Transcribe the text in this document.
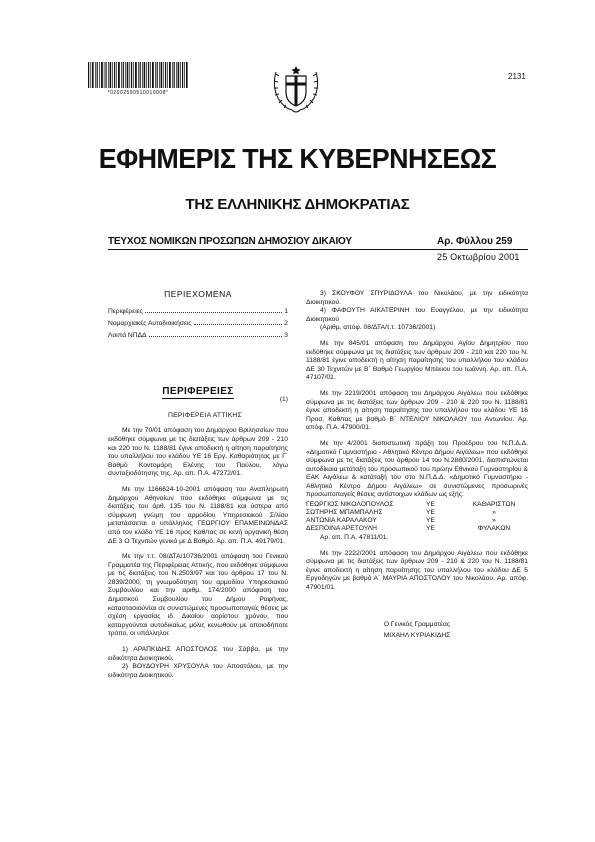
*02002590510010008*
2131
ΕΦΗΜΕΡΙΣ ΤΗΣ ΚΥΒΕΡΝΗΣΕΩΣ
ΤΗΣ ΕΛΛΗΝΙΚΗΣ ΔΗΜΟΚΡΑΤΙΑΣ
ΤΕΥΧΟΣ ΝΟΜΙΚΩΝ ΠΡΟΣΩΠΩΝ ΔΗΜΟΣΙΟΥ ΔΙΚΑΙΟΥ	Αρ. Φύλλου 259
25 Οκτωβρίου 2001
ΠΕΡΙΕΧΟΜΕΝΑ
Περιφέρειες	1
Νομαρχιακές Αυτοδιοικήσεις	2
Λοιπά ΝΠΔΔ	3
ΠΕΡΙΦΕΡΕΙΕΣ

(1)

ΠΕΡΙΦΕΡΕΙΑ ΑΤΤΙΚΗΣ

Με την 70/01 απόφαση του Δημάρχου Βριλησσίων που εκδόθηκε σύμφωνα με τις διατάξεις των άρθρων 209 - 210 και 220 του Ν. 1188/81 έγινε αποδεκτή η αίτηση παραίτησης του υπαλλήλου του κλάδου ΥΕ 16 Εργ. Καθαριότητας με Γ΄ Βαθμό Κοντομάρη Ελένης του Παύλου, λόγω συνταξιοδότησης της. Αρ. απ. Π.Α. 47272/01.

Με την 1166624-10-2001 απόφαση του Αναπληρωτή Δημάρχου Αθηναίων που εκδόθηκε σύμφωνα με τις διατάξεις του άρθ. 135 του Ν. 1188/81 και ύστερα από σύμφωνη γνώμη του αρμοδίου Υπηρεσιακού Σ/λίου μετατάσσεται ο υπάλληλος ΓΕΩΡΓΙΟΥ ΕΠΑΜΕΙΝΩΝΔΑΣ από τον κλάδο ΥΕ 16 προς Καθ/τας σε κενή οργανική θέση ΔΕ 3 Ο Τεχνιτών γενικά με Δ Βαθμό. Αρ. απ. Π.Α. 49179/01.

Με την τ.τ. 08/ΔΤΑ/10736/2001 απόφαση του Γενικού Γραμματέα της Περιφέρειας Αττικής, που εκδόθηκε σύμφωνα με τις διατάξεις του Ν.2503/97 και του άρθρου 17 του Ν. 2839/2000, τη γνωμοδότηση του αρμοδίου Υπηρεσιακού Συμβουλίου και την αριθμ. 174/2000 απόφαση του Δημοτικού Συμβουλίου του Δήμου Ραφήνας, καταστασιούνται σε συνιστώμενες προσωποπαγείς θέσεις με σχέση εργασίας ιδ. Δικαίου αορίστου χρόνου, που καταργούνται αυτοδικαίως μόλις κενωθούν με οποιοδήποτε τρόπο, οι υπάλληλοι:

1) ΑΡΑΠΚΙΔΗΣ ΑΠΟΣΤΟΛΟΣ του Σάββα, με την ειδικότητα Διοικητικού.

2) ΒΟΥΔΟΥΡΗ ΧΡΥΣΟΥΛΑ του Αποστόλου, με την ειδικότητα Διοικητικού.

3) ΣΚΟΥΦΟΥ ΣΠΥΡΙΔΟΥΛΑ του Νικολάου, με την ειδικότητα Διοικητικού.

4) ΦΑΦΟΥΤΗ ΑΙΚΑΤΕΡΙΝΗ του Ευαγγέλου, με την ειδικότητα Διοικητικού

(Αριθμ. απόφ. 08/ΔΤΑ/τ.τ. 10736/2001)

Με την 845/01 απόφαση του Δημάρχου Αγίου Δημητρίου που εκδόθηκε σύμφωνα με τις διατάξεις των άρθρων 209 - 210 και 220 του Ν. 1188/81 έγινε αποδεκτή η αίτηση παραίτησης του υπαλλήλου του κλάδου ΔΕ 30 Τεχνιτών με Β΄ Βαθμό Γεωργίου Μπέκιου του Ιωάννη. Αρ. απ. Π.Α. 47107/01.

Με την 2219/2001 απόφαση του Δημάρχου Αιγάλεω που εκδόθηκε σύμφωνα με τις διατάξεις των άρθρων 209 - 210 & 220 του Ν. 1188/81 έγινε αποδεκτή η αίτηση παραίτησης του υπαλλήλου του κλάδου ΥΕ 16 Προσ. Καθ/τας με βαθμό Β΄ ΝΤΕΛΙΟΥ ΝΙΚΟΛΑΟΥ του Αντωνίου. Αρ. απόφ. Π.Α. 47900/01.

Με την 4/2001 διαπιστωτική πράξη του Προέδρου του Ν.Π.Δ.Δ. «Δημοτικό Γυμναστήριο - Αθλητικό Κέντρο Δήμου Αιγάλεω» που εκδόθηκε σύμφωνα με τις διατάξεις του άρθρου 14 του Ν.2880/2001, διαπιστώνεται αυτοδίκαια μετάταξη του προσωπικού του πρώην Εθνικού Γυμναστηρίου & ΕΑΚ Αιγάλεω & κατάταξή του στο Ν.Π.Δ.Δ. «Δημοτικό Γυμναστήριο - Αθλητικό Κέντρο Δήμου Αιγάλεω» σε συνιστώμενες προσωρινές προσωποπαγείς θέσεις αντίστοιχων κλάδων ως εξής:

ΓΕΩΡΓΙΟΣ ΝΙΚΟΛΟΠΟΥΛΟΣ	ΥΕ	ΚΑΘΑΡΙΣΤΩΝ
ΣΩΤΗΡΗΣ ΜΠΑΜΠΑΛΗΣ	ΥΕ	»
ΑΝΤΩΝΙΑ ΚΑΡΑΛΑΚΟΥ	ΥΕ	»
ΔΕΣΠΟΙΝΑ ΑΡΕΤΟΥΛΗ	ΥΕ	ΦΥΛΑΚΩΝ

Αρ. απ. Π.Α. 47811/01.

Με την 2222/2001 απόφαση του Δημάρχου Αιγάλεω που εκδόθηκε σύμφωνα με τις διατάξεις των άρθρων 209 - 210 & 220 του Ν. 1188/81 έγινε αποδεκτή η αίτηση παραίτησης του υπαλλήλου του κλάδου ΔΕ 5 Εργοδηγών με βαθμό Α΄ ΜΑΥΡΙΑ ΑΠΟΣΤΟΛΟΥ του Νικολάου. Αρ. απόφ. 47901/01.

Ο Γενικός Γραμματέας
ΜΙΧΑΗΛ ΚΥΡΙΑΚΙΔΗΣ
